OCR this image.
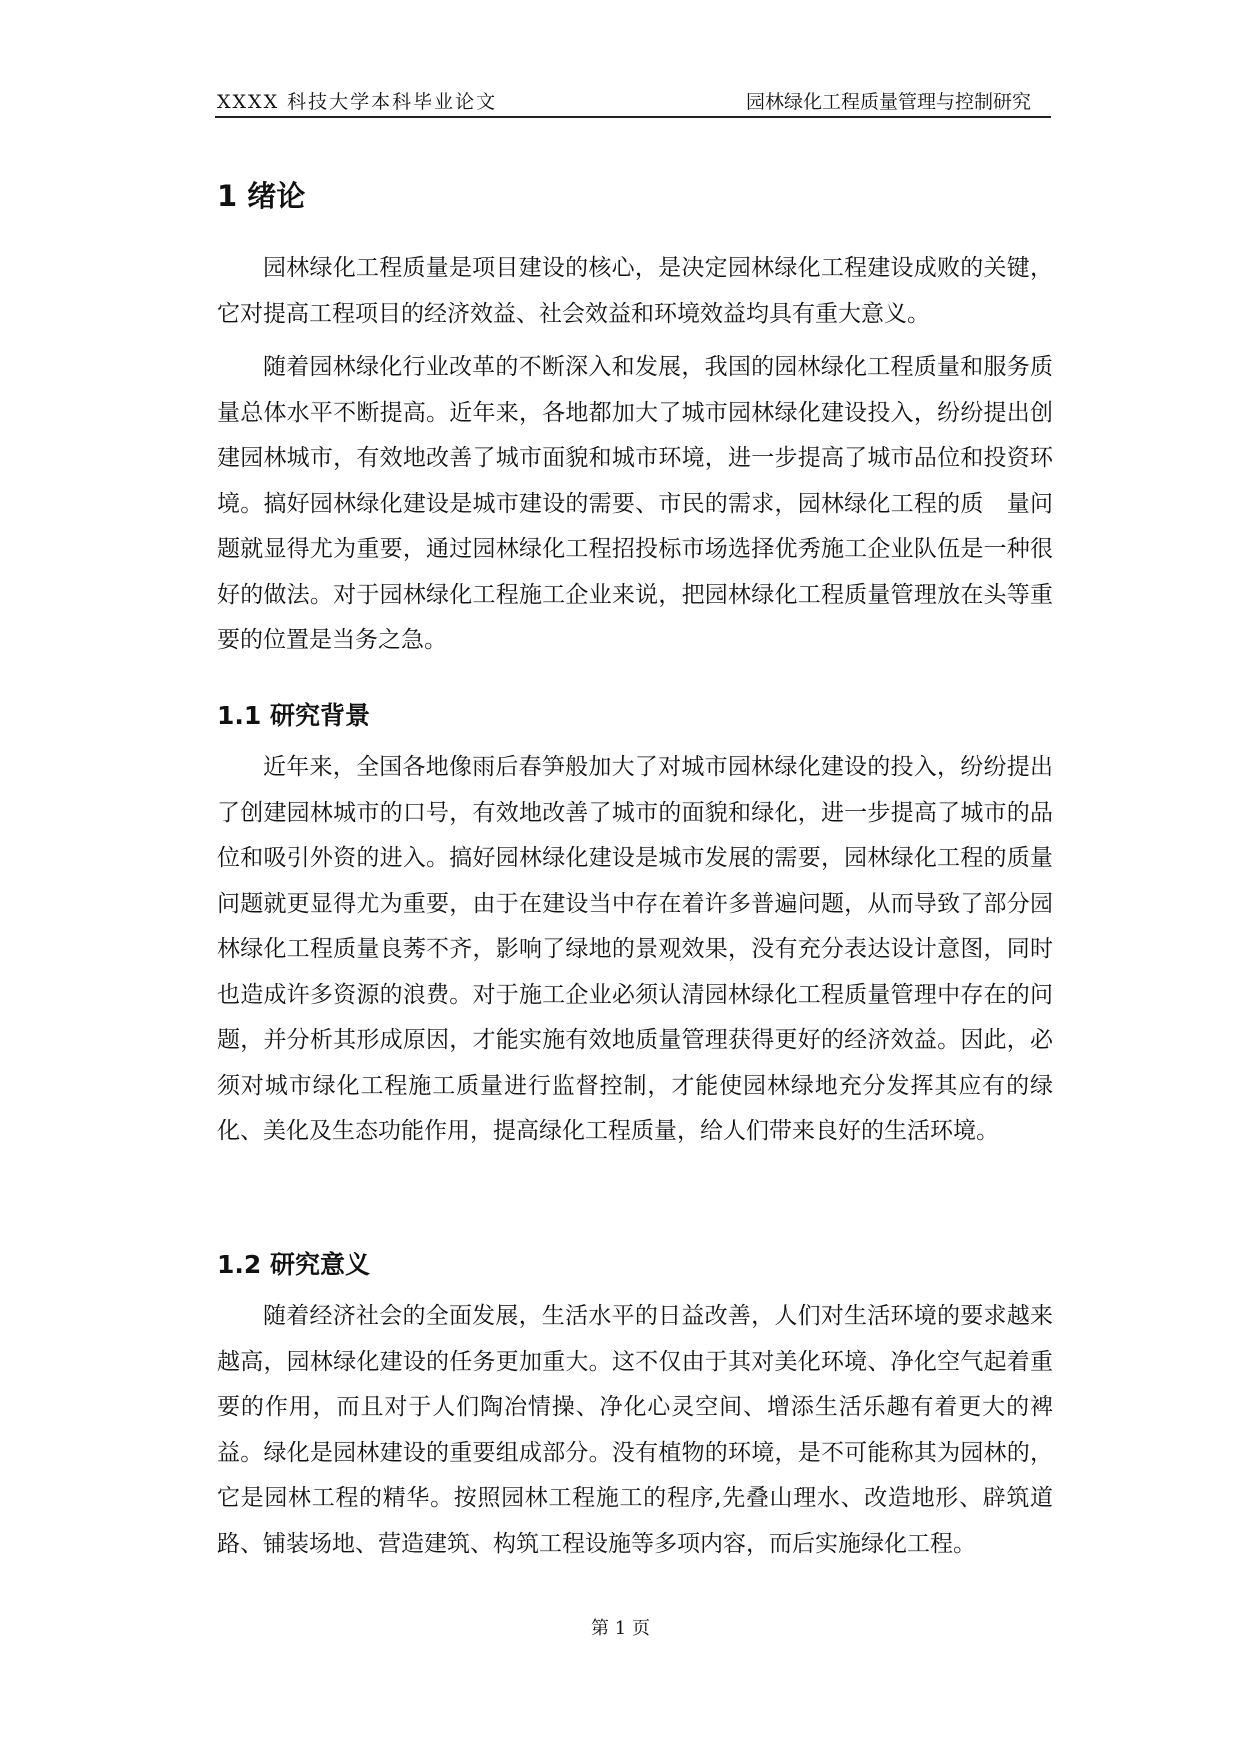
XXXX 科技大学本科毕业论文	园林绿化工程质量管理与控制研究
1 绪论

园林绿化工程质量是项目建设的核心，是决定园林绿化工程建设成败的关键，它对提高工程项目的经济效益、社会效益和环境效益均具有重大意义。

随着园林绿化行业改革的不断深入和发展，我国的园林绿化工程质量和服务质量总体水平不断提高。近年来，各地都加大了城市园林绿化建设投入，纷纷提出创建园林城市，有效地改善了城市面貌和城市环境，进一步提高了城市品位和投资环境。搞好园林绿化建设是城市建设的需要、市民的需求，园林绿化工程的质　量问题就显得尤为重要，通过园林绿化工程招投标市场选择优秀施工企业队伍是一种很好的做法。对于园林绿化工程施工企业来说，把园林绿化工程质量管理放在头等重要的位置是当务之急。

1.1 研究背景

近年来，全国各地像雨后春笋般加大了对城市园林绿化建设的投入，纷纷提出了创建园林城市的口号，有效地改善了城市的面貌和绿化，进一步提高了城市的品位和吸引外资的进入。搞好园林绿化建设是城市发展的需要，园林绿化工程的质量问题就更显得尤为重要，由于在建设当中存在着许多普遍问题，从而导致了部分园林绿化工程质量良莠不齐，影响了绿地的景观效果，没有充分表达设计意图，同时也造成许多资源的浪费。对于施工企业必须认清园林绿化工程质量管理中存在的问题，并分析其形成原因，才能实施有效地质量管理获得更好的经济效益。因此，必须对城市绿化工程施工质量进行监督控制，才能使园林绿地充分发挥其应有的绿化、美化及生态功能作用，提高绿化工程质量，给人们带来良好的生活环境。

1.2 研究意义

随着经济社会的全面发展，生活水平的日益改善，人们对生活环境的要求越来越高，园林绿化建设的任务更加重大。这不仅由于其对美化环境、净化空气起着重要的作用，而且对于人们陶冶情操、净化心灵空间、增添生活乐趣有着更大的裨益。绿化是园林建设的重要组成部分。没有植物的环境，是不可能称其为园林的，它是园林工程的精华。按照园林工程施工的程序,先叠山理水、改造地形、辟筑道路、铺装场地、营造建筑、构筑工程设施等多项内容，而后实施绿化工程。

第 1 页
